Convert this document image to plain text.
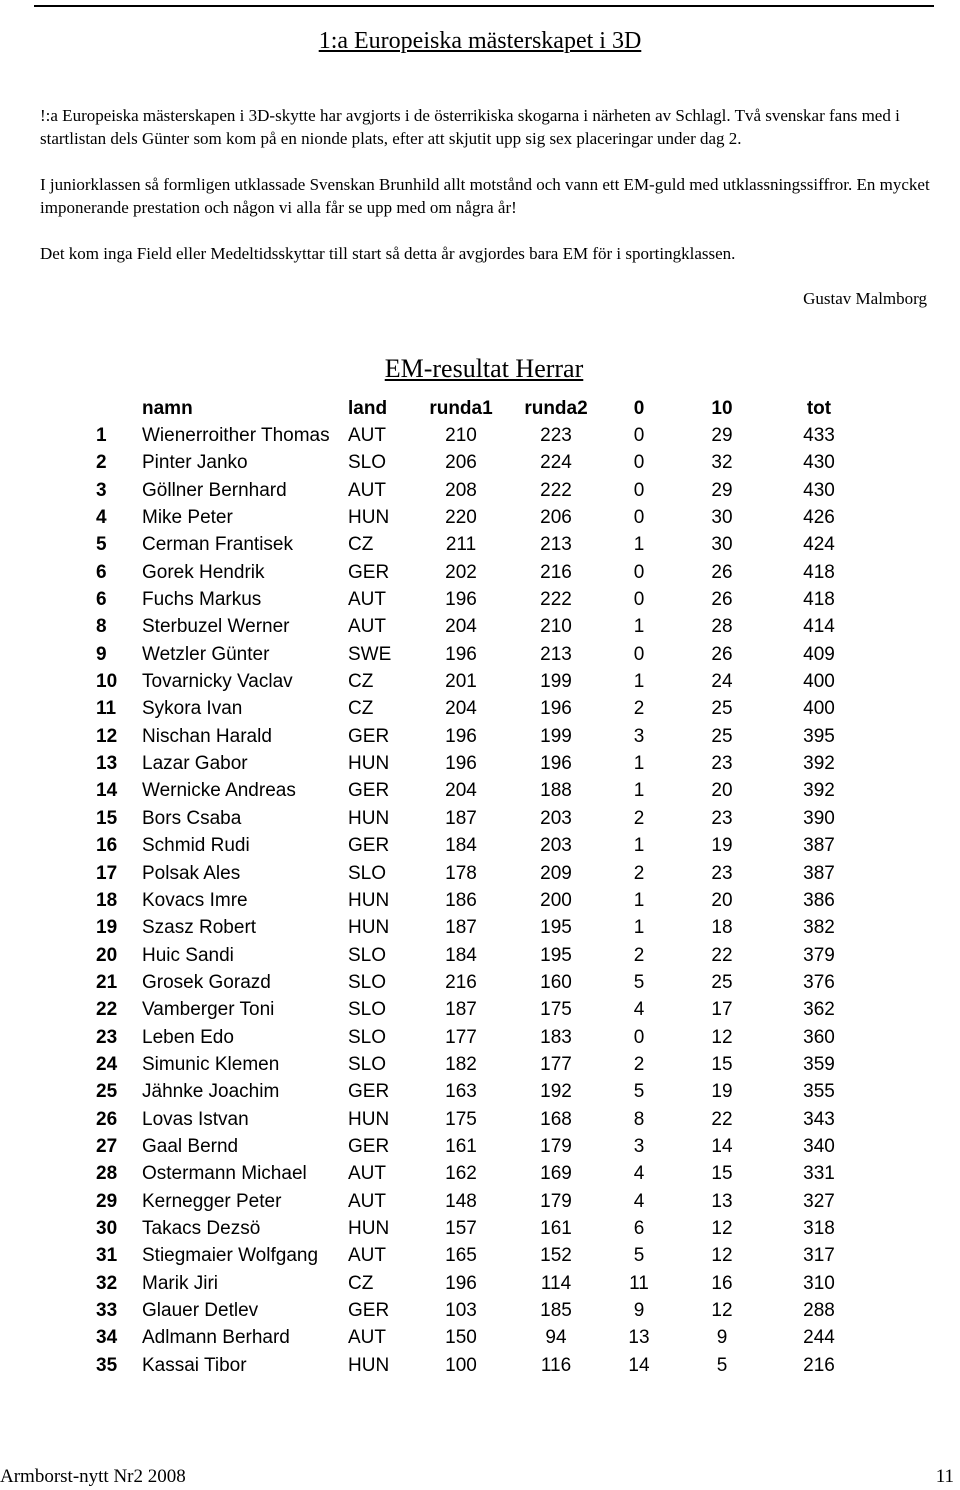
1:a Europeiska mästerskapet i 3D

!:a Europeiska mästerskapen i 3D-skytte har avgjorts i de österrikiska skogarna i närheten av Schlagl. Två svenskar fans med i startlistan dels Günter som kom på en nionde plats, efter att skjutit upp sig sex placeringar under dag 2.

I juniorklassen så formligen utklassade Svenskan Brunhild allt motstånd och vann ett EM-guld med utklassningssiffror. En mycket imponerande prestation och någon vi alla får se upp med om några år!

Det kom inga Field eller Medeltidsskyttar till start så detta år avgjordes bara EM för i sportingklassen.

Gustav Malmborg
EM-resultat Herrar
	namn	land	runda1	runda2	0	10	tot
1	Wienerroither Thomas	AUT	210	223	0	29	433
2	Pinter Janko	SLO	206	224	0	32	430
3	Göllner Bernhard	AUT	208	222	0	29	430
4	Mike Peter	HUN	220	206	0	30	426
5	Cerman Frantisek	CZ	211	213	1	30	424
6	Gorek Hendrik	GER	202	216	0	26	418
6	Fuchs Markus	AUT	196	222	0	26	418
8	Sterbuzel Werner	AUT	204	210	1	28	414
9	Wetzler Günter	SWE	196	213	0	26	409
10	Tovarnicky Vaclav	CZ	201	199	1	24	400
11	Sykora Ivan	CZ	204	196	2	25	400
12	Nischan Harald	GER	196	199	3	25	395
13	Lazar Gabor	HUN	196	196	1	23	392
14	Wernicke Andreas	GER	204	188	1	20	392
15	Bors Csaba	HUN	187	203	2	23	390
16	Schmid Rudi	GER	184	203	1	19	387
17	Polsak Ales	SLO	178	209	2	23	387
18	Kovacs Imre	HUN	186	200	1	20	386
19	Szasz Robert	HUN	187	195	1	18	382
20	Huic Sandi	SLO	184	195	2	22	379
21	Grosek Gorazd	SLO	216	160	5	25	376
22	Vamberger Toni	SLO	187	175	4	17	362
23	Leben Edo	SLO	177	183	0	12	360
24	Simunic Klemen	SLO	182	177	2	15	359
25	Jähnke Joachim	GER	163	192	5	19	355
26	Lovas Istvan	HUN	175	168	8	22	343
27	Gaal Bernd	GER	161	179	3	14	340
28	Ostermann Michael	AUT	162	169	4	15	331
29	Kernegger Peter	AUT	148	179	4	13	327
30	Takacs Dezsö	HUN	157	161	6	12	318
31	Stiegmaier Wolfgang	AUT	165	152	5	12	317
32	Marik Jiri	CZ	196	114	11	16	310
33	Glauer Detlev	GER	103	185	9	12	288
34	Adlmann Berhard	AUT	150	94	13	9	244
35	Kassai Tibor	HUN	100	116	14	5	216
Armborst-nytt Nr2 2008	11
